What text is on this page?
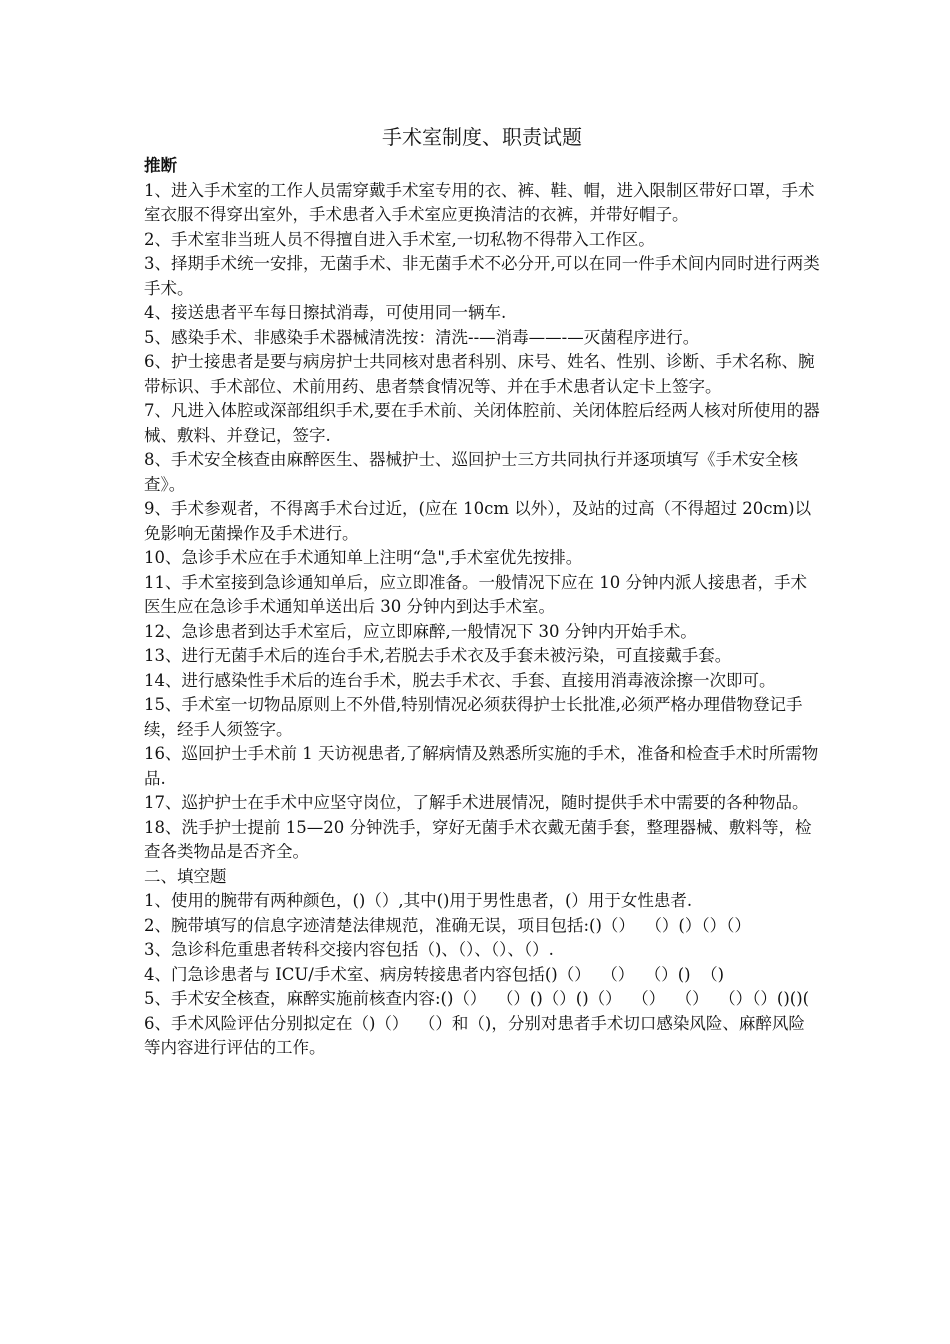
手术室制度、职责试题
推断

1、进入手术室的工作人员需穿戴手术室专用的衣、裤、鞋、帽，进入限制区带好口罩，手术室衣服不得穿出室外，手术患者入手术室应更换清洁的衣裤，并带好帽子。

2、手术室非当班人员不得擅自进入手术室,一切私物不得带入工作区。

3、择期手术统一安排，无菌手术、非无菌手术不必分开,可以在同一件手术间内同时进行两类手术。

4、接送患者平车每日擦拭消毒，可使用同一辆车.

5、感染手术、非感染手术器械清洗按：清洗--—消毒——-—灭菌程序进行。

6、护士接患者是要与病房护士共同核对患者科别、床号、姓名、性别、诊断、手术名称、腕带标识、手术部位、术前用药、患者禁食情况等、并在手术患者认定卡上签字。

7、凡进入体腔或深部组织手术,要在手术前、关闭体腔前、关闭体腔后经两人核对所使用的器械、敷料、并登记，签字.

8、手术安全核查由麻醉医生、器械护士、巡回护士三方共同执行并逐项填写《手术安全核查》。

9、手术参观者，不得离手术台过近，(应在 10cm 以外），及站的过高（不得超过 20cm)以免影响无菌操作及手术进行。

10、急诊手术应在手术通知单上注明“急",手术室优先按排。

11、手术室接到急诊通知单后，应立即准备。一般情况下应在 10 分钟内派人接患者，手术医生应在急诊手术通知单送出后 30 分钟内到达手术室。

12、急诊患者到达手术室后，应立即麻醉,一般情况下 30 分钟内开始手术。

13、进行无菌手术后的连台手术,若脱去手术衣及手套未被污染，可直接戴手套。

14、进行感染性手术后的连台手术，脱去手术衣、手套、直接用消毒液涂擦一次即可。

15、手术室一切物品原则上不外借,特别情况必须获得护士长批准,必须严格办理借物登记手续，经手人须签字。

16、巡回护士手术前 1 天访视患者,了解病情及熟悉所实施的手术，准备和检查手术时所需物品.

17、巡护护士在手术中应坚守岗位，了解手术进展情况，随时提供手术中需要的各种物品。

18、洗手护士提前 15—20 分钟洗手，穿好无菌手术衣戴无菌手套，整理器械、敷料等，检查各类物品是否齐全。

二、填空题

1、使用的腕带有两种颜色，()（）,其中()用于男性患者，(）用于女性患者.

2、腕带填写的信息字迹清楚法律规范，准确无误，项目包括:()（）  （）(）（）（）

3、急诊科危重患者转科交接内容包括（)、（）、（）、（）.

4、门急诊患者与 ICU/手术室、病房转接患者内容包括()（）  （）  （）()  （)

5、手术安全核查，麻醉实施前核查内容:()（）  （）()（）()（）  （）  （）  （）（）()()(

6、手术风险评估分别拟定在（)（）  （）和（)，分别对患者手术切口感染风险、麻醉风险等内容进行评估的工作。
